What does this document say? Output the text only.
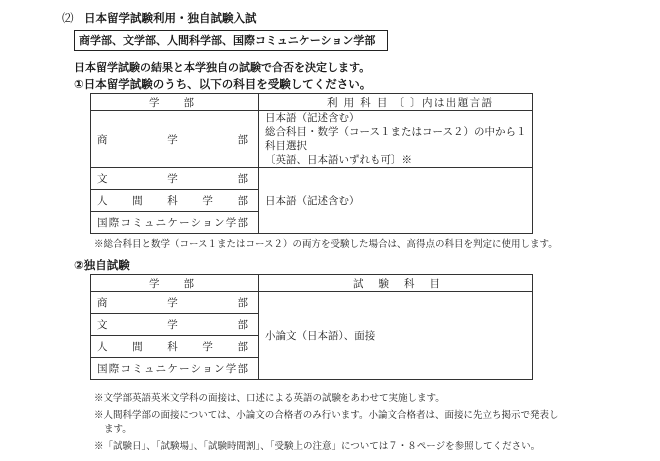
⑵ 日本留学試験利用・独自試験入試
商学部、文学部、人間科学部、国際コミュニケーション学部
日本留学試験の結果と本学独自の試験で合否を決定します。
①日本留学試験のうち、以下の科目を受験してください。
学　部	利 用 科 目 〔 〕内は出題言語
商学部	日本語（記述含む）
総合科目・数学（コース１またはコース２）の中から１科目選択
〔英語、日本語いずれも可〕※

文学部	日本語（記述含む）
人間科学部	
国際コミュニケーション学部	
※総合科目と数学（コース１またはコース２）の両方を受験した場合は、高得点の科目を判定に使用します。
②独自試験
学　部	試 験 科 目
商学部	小論文（日本語）、面接
文学部	
人間科学部	
国際コミュニケーション学部	
※文学部英語英米文学科の面接は、口述による英語の試験をあわせて実施します。
※人間科学部の面接については、小論文の合格者のみ行います。小論文合格者は、面接に先立ち掲示で発表し
ます。
※「試験日」、「試験場」、「試験時間割」、「受験上の注意」については７・８ページを参照してください。
